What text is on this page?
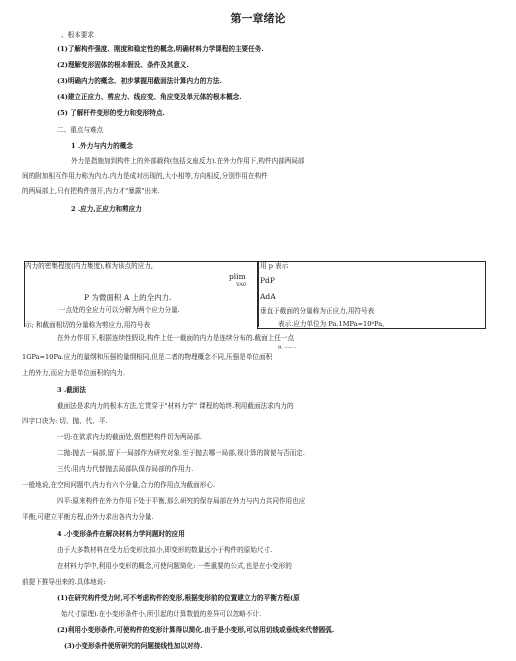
第一章绪论
、根本要求
(1)了解构件强度、刚度和稳定性的概念,明确材料力学课程的主要任务.
(2)理解变形固体的根本假设、条件及其意义.
(3)明确内力的概念、初步掌握用截面法计算内力的方法.
(4)建立正应力、剪应力、线应变、角应变及单元体的根本概念.
(5) 了解杆件变形的受力和变形特点.
二、重点与难点
1 .外力与内力的概念
外力是指施加到构件上的外部载荷(包括支座反力).在外力作用下,构件内部两局部
间的附加相互作用力称为内力.内力是成对出现的,大小相等,方向相反,分别作用在构件
的两局部上,只有把构件剖开,内力才"暴露"出来.
2 .应力,正应力和剪应力
内力的密集程度(内力集度),称为该点的应力,
plim
VA0
P 为微面积 A 上的全内力.
一点处的全应力可以分解为两个应力分量.
示; 和截面相切的分量称为剪应力,用符号表
用 p 表示
PdP
AdA
垂直于截面的分量称为正应力,用符号表
表示.应力单位为 Pa.1MPa=10⁶Pa,
在外力作用下,根据连续性假设,构件上任一截面的内力是连续分布的.截面上任一点
9. ----- -
1GPa=10Pa.应力的量纲和压强的量纲相同,但是二者的物理概念不同,压强是单位面积
上的外力,而应力是单位面积的内力.
3 .截面法
截面法是求内力的根本方法,它贯穿于"材料力学" 课程的始终.利用截面法求内力的
四字口诀为: 切、抛、代、平.
一切:在欲求内力的截面处,假想把构件切为两局部.
二抛:抛去一局部,留下一局部作为研究对象.至于抛去哪一局部,视计算的简便与否而定.
三代:用内力代替抛去局部队保存局部的作用力.
一般地说,在空间问题中,内力有六个分量,合力的作用点为截面形心.
四平:原来构件在外力作用下处于平衡,那么研究的保存局部在外力与内力共同作用也应
平衡,可建立平衡方程,由外力求出各内力分量.
4 .小变形条件在解决材料力学问题时的应用
由于大多数材料在受力后变形比拟小,即变形的数量远小于构件的原始尺寸.
在材料力学中,利用小变形的概念,可使问题简化: 一些重要的公式,也是在小变形的
前提下推导出来的.具体地说:
(1)在研究构件受力时,可不考虑构件的变形,根据变形前的位置建立力的平衡方程(原
始尺寸原理).在小变形条件小,所引起的计算数值的差异可以忽略不计.
(2)利用小变形条件,可使构件的变形计算得以简化.由于是小变形,可以用切线或垂线来代替圆弧.
(3)小变形条件使所研究的问题接线性加以对待.
